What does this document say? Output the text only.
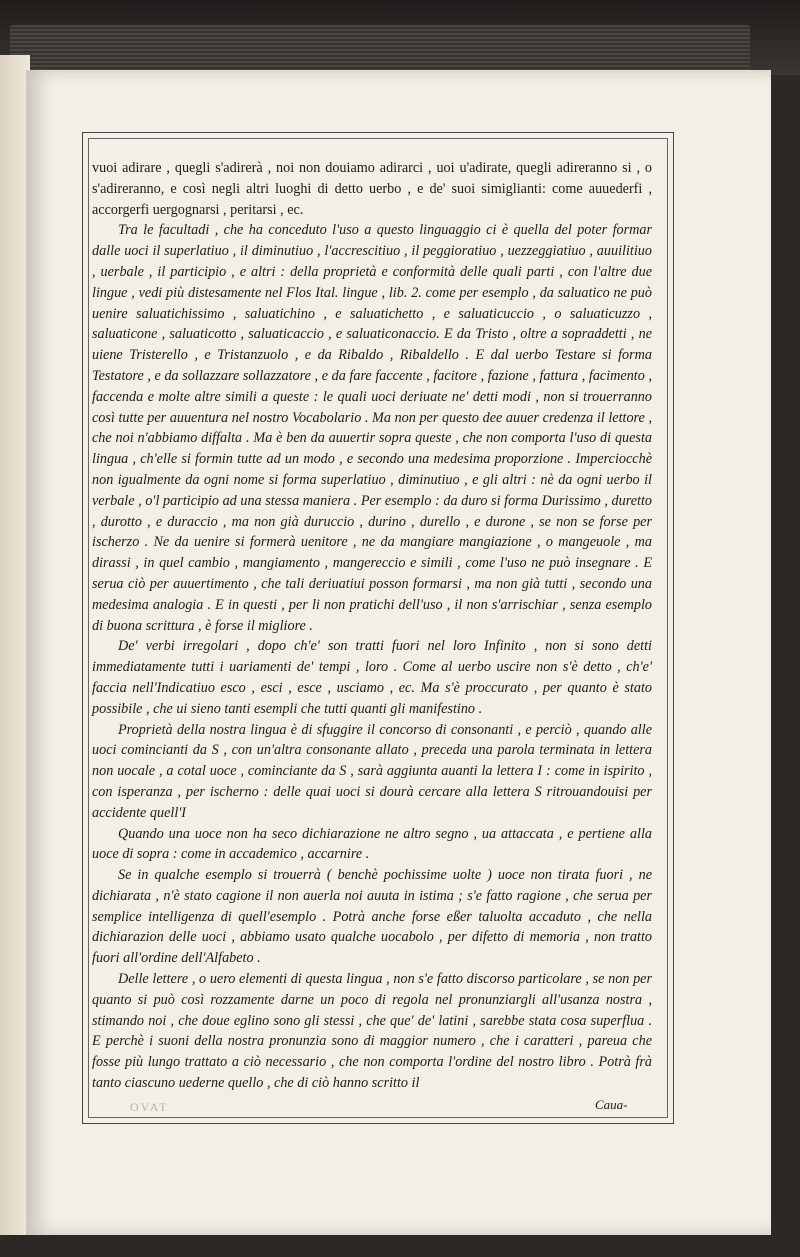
vuoi adirare , quegli s'adirerà , noi non douiamo adirarci , uoi u'adirate, quegli adireranno si , o s'adireranno, e così negli altri luoghi di detto uerbo , e de' suoi simiglianti: come auuederfi , accorgerfi uergognarsi , peritarsi , ec.

Tra le facultadi , che ha conceduto l'uso a questo linguaggio ci è quella del poter formar dalle uoci il superlatiuo , il diminutiuo , l'accrescitiuo , il peggioratiuo , uezzeggiatiuo , auuilitiuo , uerbale , il participio , e altri : della proprietà e conformità delle quali parti , con l'altre due lingue , vedi più distesamente nel Flos Ital. lingue , lib. 2. come per esemplo , da saluatico ne può uenire saluatichissimo , saluatichino , e saluatichetto , e saluaticuccio , o saluaticuzzo , saluaticone , saluaticotto , saluaticaccio , e saluaticonaccio. E da Tristo , oltre a sopraddetti , ne uiene Tristerello , e Tristanzuolo , e da Ribaldo , Ribaldello . E dal uerbo Testare si forma Testatore , e da sollazzare sollazzatore , e da fare faccente , facitore , fazione , fattura , facimento , faccenda e molte altre simili a queste : le quali uoci deriuate ne' detti modi , non si trouerranno così tutte per auuentura nel nostro Vocabolario . Ma non per questo dee auuer credenza il lettore , che noi n'abbiamo diffalta . Ma è ben da auuertir sopra queste , che non comporta l'uso di questa lingua , ch'elle si formin tutte ad un modo , e secondo una medesima proporzione . Imperciocchè non igualmente da ogni nome si forma superlatiuo , diminutiuo , e gli altri : nè da ogni uerbo il verbale , o'l participio ad una stessa maniera . Per esemplo : da duro si forma Durissimo , duretto , durotto , e duraccio , ma non già duruccio , durino , durello , e durone , se non se forse per ischerzo . Ne da uenire si formerà uenitore , ne da mangiare mangiazione , o mangeuole , ma dirassi , in quel cambio , mangiamento , mangereccio e simili , come l'uso ne può insegnare . E serua ciò per auuertimento , che tali deriuatiui posson formarsi , ma non già tutti , secondo una medesima analogia . E in questi , per li non pratichi dell'uso , il non s'arrischiar , senza esemplo di buona scrittura , è forse il migliore .

De' verbi irregolari , dopo ch'e' son tratti fuori nel loro Infinito , non si sono detti immediatamente tutti i uariamenti de' tempi , loro . Come al uerbo uscire non s'è detto , ch'e' faccia nell'Indicatiuo esco , esci , esce , usciamo , ec. Ma s'è proccurato , per quanto è stato possibile , che ui sieno tanti esempli che tutti quanti gli manifestino .

Proprietà della nostra lingua è di sfuggire il concorso di consonanti , e perciò , quando alle uoci comincianti da S , con un'altra consonante allato , preceda una parola terminata in lettera non uocale , a cotal uoce , cominciante da S , sarà aggiunta auanti la lettera I : come in ispirito , con isperanza , per ischerno : delle quai uoci si dourà cercare alla lettera S ritrouandouisi per accidente quell'I

Quando una uoce non ha seco dichiarazione ne altro segno , ua attaccata , e pertiene alla uoce di sopra : come in accademico , accarnire .

Se in qualche esemplo si trouerrà ( benchè pochissime uolte ) uoce non tirata fuori , ne dichiarata , n'è stato cagione il non auerla noi auuta in istima ; s'e fatto ragione , che serua per semplice intelligenza di quell'esemplo . Potrà anche forse eßer taluolta accaduto , che nella dichiarazion delle uoci , abbiamo usato qualche uocabolo , per difetto di memoria , non tratto fuori all'ordine dell'Alfabeto .

Delle lettere , o uero elementi di questa lingua , non s'e fatto discorso particolare , se non per quanto si può così rozzamente darne un poco di regola nel pronunziargli all'usanza nostra , stimando noi , che doue eglino sono gli stessi , che que' de' latini , sarebbe stata cosa superflua . E perchè i suoni della nostra pronunzia sono di maggior numero , che i caratteri , pareua che fosse più lungo trattato a ciò necessario , che non comporta l'ordine del nostro libro . Potrà frà tanto ciascuno uederne quello , che di ciò hanno scritto il

OVAT	Caua-
